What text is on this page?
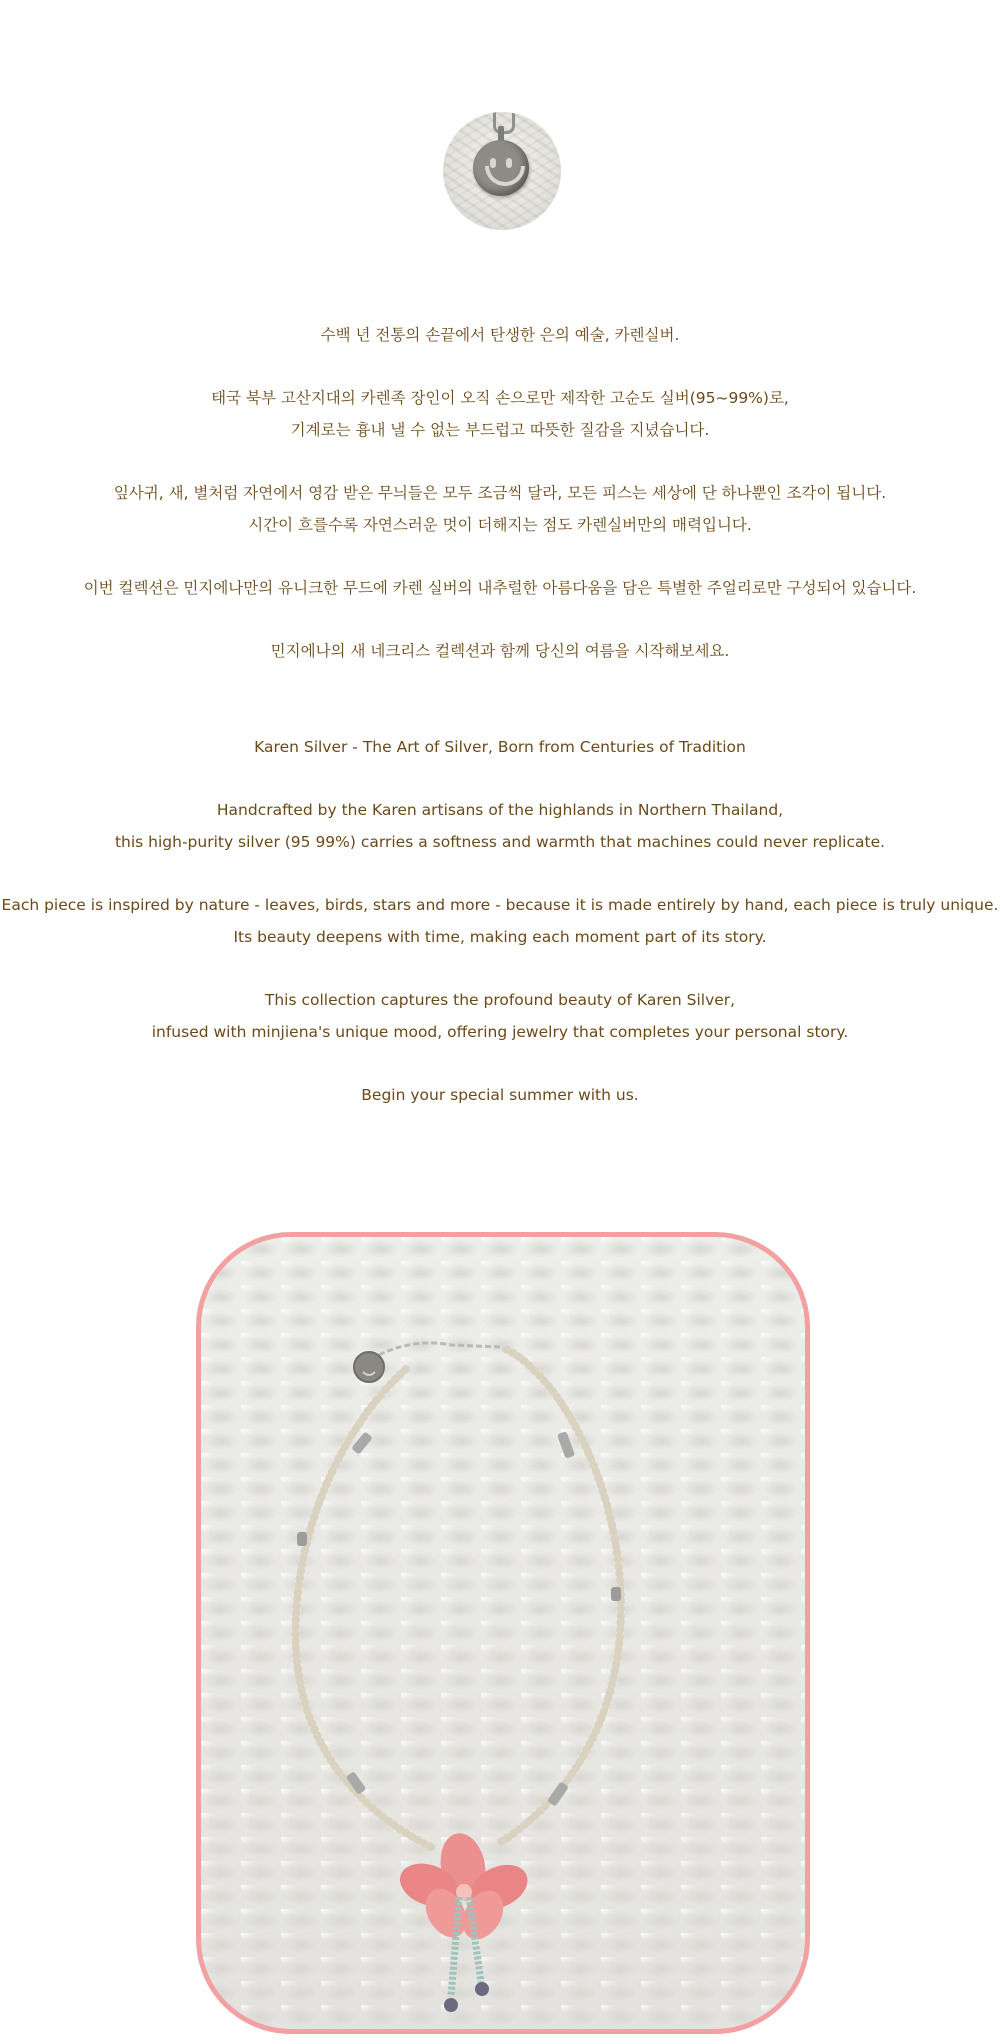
수백 년 전통의 손끝에서 탄생한 은의 예술, 카렌실버.

태국 북부 고산지대의 카렌족 장인이 오직 손으로만 제작한 고순도 실버(95~99%)로,

기계로는 흉내 낼 수 없는 부드럽고 따뜻한 질감을 지녔습니다.

잎사귀, 새, 별처럼 자연에서 영감 받은 무늬들은 모두 조금씩 달라, 모든 피스는 세상에 단 하나뿐인 조각이 됩니다.

시간이 흐를수록 자연스러운 멋이 더해지는 점도 카렌실버만의 매력입니다.

이번 컬렉션은 민지에나만의 유니크한 무드에 카렌 실버의 내추럴한 아름다움을 담은 특별한 주얼리로만 구성되어 있습니다.

민지에나의 새 네크리스 컬렉션과 함께 당신의 여름을 시작해보세요.

Karen Silver - The Art of Silver, Born from Centuries of Tradition

Handcrafted by the Karen artisans of the highlands in Northern Thailand,

this high-purity silver (95 99%) carries a softness and warmth that machines could never replicate.

Each piece is inspired by nature - leaves, birds, stars and more - because it is made entirely by hand, each piece is truly unique.

Its beauty deepens with time, making each moment part of its story.

This collection captures the profound beauty of Karen Silver,

infused with minjiena's unique mood, offering jewelry that completes your personal story.

Begin your special summer with us.
